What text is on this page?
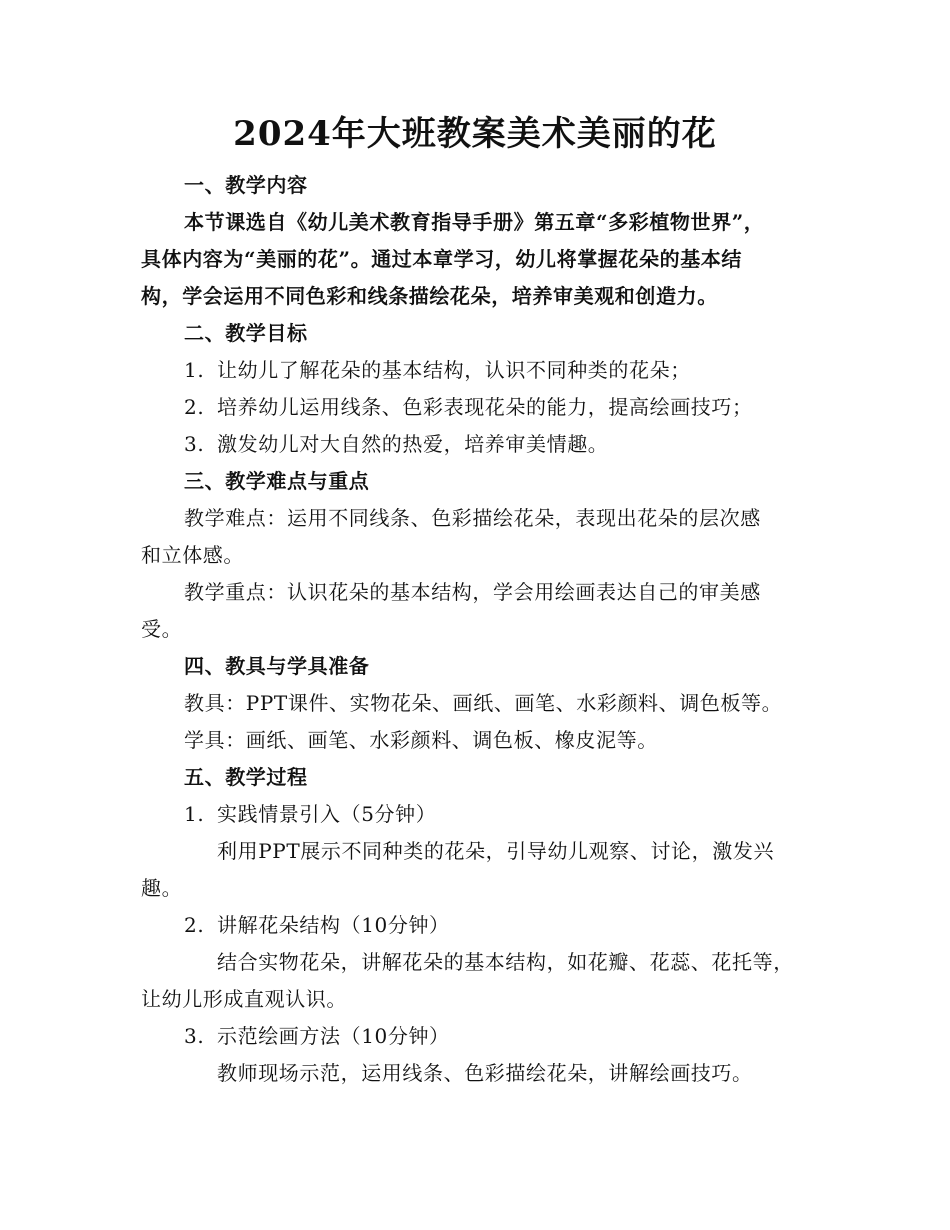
2024年大班教案美术美丽的花
一、教学内容
本节课选自《幼儿美术教育指导手册》第五章“多彩植物世界”，
具体内容为“美丽的花”。通过本章学习，幼儿将掌握花朵的基本结
构，学会运用不同色彩和线条描绘花朵，培养审美观和创造力。
二、教学目标
1. 让幼儿了解花朵的基本结构，认识不同种类的花朵；
2. 培养幼儿运用线条、色彩表现花朵的能力，提高绘画技巧；
3. 激发幼儿对大自然的热爱，培养审美情趣。
三、教学难点与重点
教学难点：运用不同线条、色彩描绘花朵，表现出花朵的层次感
和立体感。
教学重点：认识花朵的基本结构，学会用绘画表达自己的审美感
受。
四、教具与学具准备
教具：PPT课件、实物花朵、画纸、画笔、水彩颜料、调色板等。
学具：画纸、画笔、水彩颜料、调色板、橡皮泥等。
五、教学过程
1. 实践情景引入（5分钟）
利用PPT展示不同种类的花朵，引导幼儿观察、讨论，激发兴
趣。
2. 讲解花朵结构（10分钟）
结合实物花朵，讲解花朵的基本结构，如花瓣、花蕊、花托等，
让幼儿形成直观认识。
3. 示范绘画方法（10分钟）
教师现场示范，运用线条、色彩描绘花朵，讲解绘画技巧。
